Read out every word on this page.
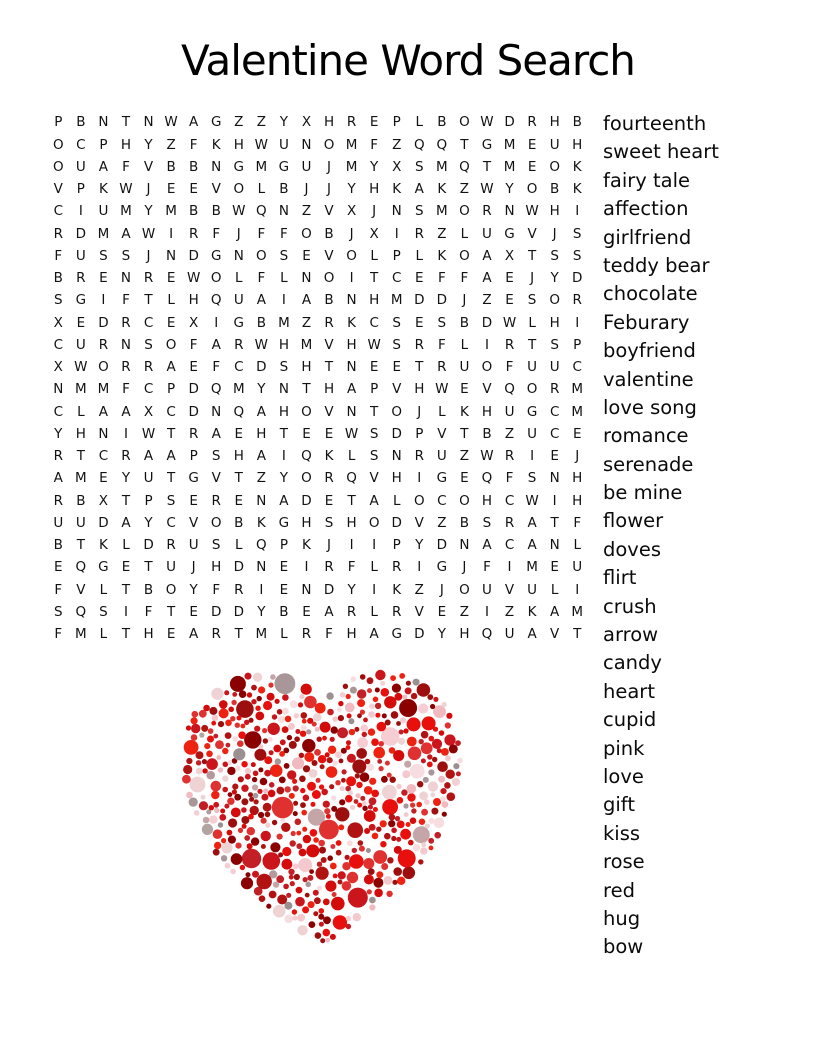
Valentine Word Search
P	B N T N W A G Z Z	Y	X H R	E	P	L	B O W D R H B
O C	P H Y	Z	F	K H W U N O M F	Z Q Q T G M E U H
O U A	F	V B B N G M G U	J	M Y	X	S M Q T M E O K
V	P	K W	J	E	E	V O L	B	J	J	Y H K	A	K	Z W Y O B	K
C	I	U M Y M B B W Q N Z V X	J	N S M O R N W H	I
R D M A W	I	R	F	J	F	F O B	J	X	I	R Z	L	U G V	J	S
F	U S	S	J	N D G N O S	E	V O L	P	L	K O A X	T	S	S
B R	E N R	E W O L	F	L	N O	I	T	C	E	F	F	A	E	J	Y D
S G	I	F	T	L	H Q U A	I	A B N H M D D	J	Z	E	S O R
X	E D R C	E	X	I	G B M Z R K C	S	E	S	B D W L	H	I
C U R N S O F	A R W H M V H W S	R	F	L	I	R	T	S	P
X W O R R A	E	F	C D S H T N E	E	T	R U O F	U U C
N M M F	C	P D Q M Y N T H A	P	V H W E	V Q O R M
C	L	A A X C D N Q A H O V N T O	J	L	K H U G C M
Y H N	I	W T	R A	E H T	E	E W S D P	V	T	B Z U C	E
R	T	C R A A	P	S H A	I	Q K	L	S N R U Z W R	I	E	J
A M E	Y U	T G V	T	Z	Y O R Q V H	I	G E Q F	S N H
R B X	T	P	S	E	R	E N A D E	T	A	L O C O H C W	I	H
U U D A	Y	C V O B	K G H S H O D V Z B	S	R A	T	F
B	T	K	L	D R U S	L Q P	K	J	I	I	P	Y D N A C A N	L
E Q G E	T U	J	H D N E	I	R	F	L	R	I	G	J	F	I	M E U
F	V	L	T	B O Y	F	R	I	E N D Y	I	K	Z	J	O U V U	L	I
S Q S	I	F	T	E D D Y	B	E	A R	L	R V	E	Z	I	Z	K	A M
F M L	T H E	A R	T M L	R	F	H A G D Y H Q U A V	T
fourteenth
sweet heart
fairy tale
affection
girlfriend
teddy bear
chocolate
Feburary
boyfriend
valentine
love song
romance
serenade
be mine
flower
doves
flirt
crush
arrow
candy
heart
cupid
pink
love
gift
kiss
rose
red
hug
bow
